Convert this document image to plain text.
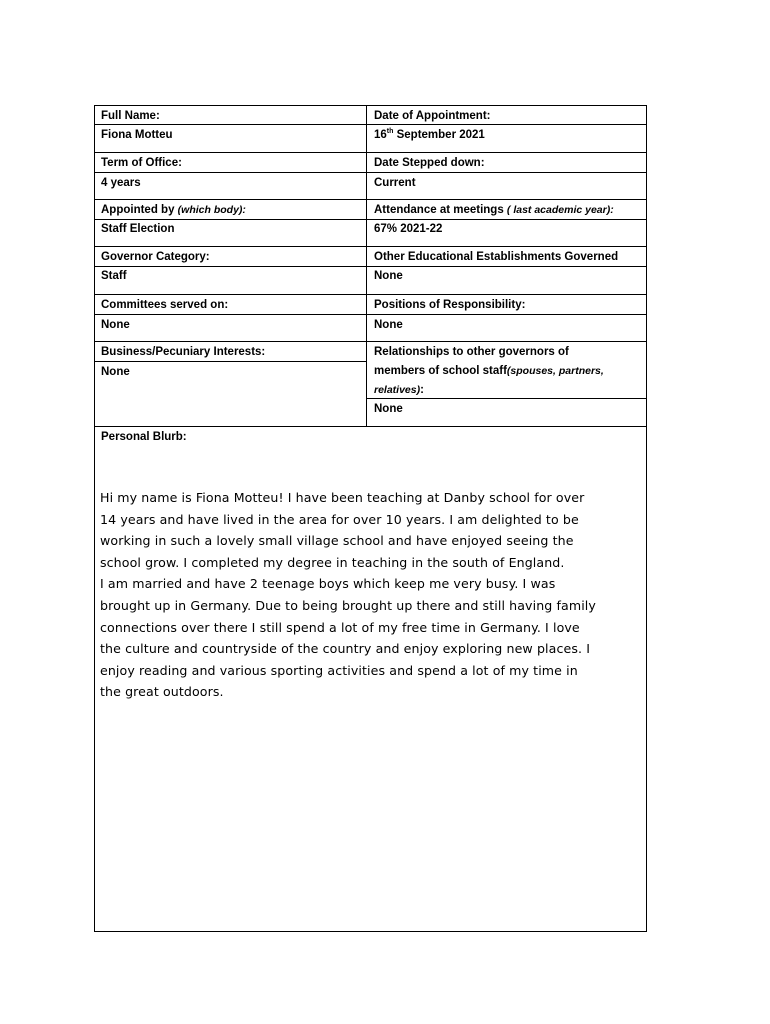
Full Name:
Fiona Motteu
Date of Appointment:
16th September 2021
Term of Office:
4 years
Date Stepped down:
Current
Appointed by (which body):
Staff Election
Attendance at meetings ( last academic year):
67% 2021-22
Governor Category:
Staff
Other Educational Establishments Governed
None
Committees served on:
None
Positions of Responsibility:
None
Business/Pecuniary Interests:
None
Relationships to other governors of
members of school staff(spouses, partners,
relatives):
None
Personal Blurb:
Hi my name is Fiona Motteu! I have been teaching at Danby school for over
14 years and have lived in the area for over 10 years. I am delighted to be
working in such a lovely small village school and have enjoyed seeing the
school grow. I completed my degree in teaching in the south of England.
I am married and have 2 teenage boys which keep me very busy. I was
brought up in Germany. Due to being brought up there and still having family
connections over there I still spend a lot of my free time in Germany. I love
the culture and countryside of the country and enjoy exploring new places. I
enjoy reading and various sporting activities and spend a lot of my time in
the great outdoors.
